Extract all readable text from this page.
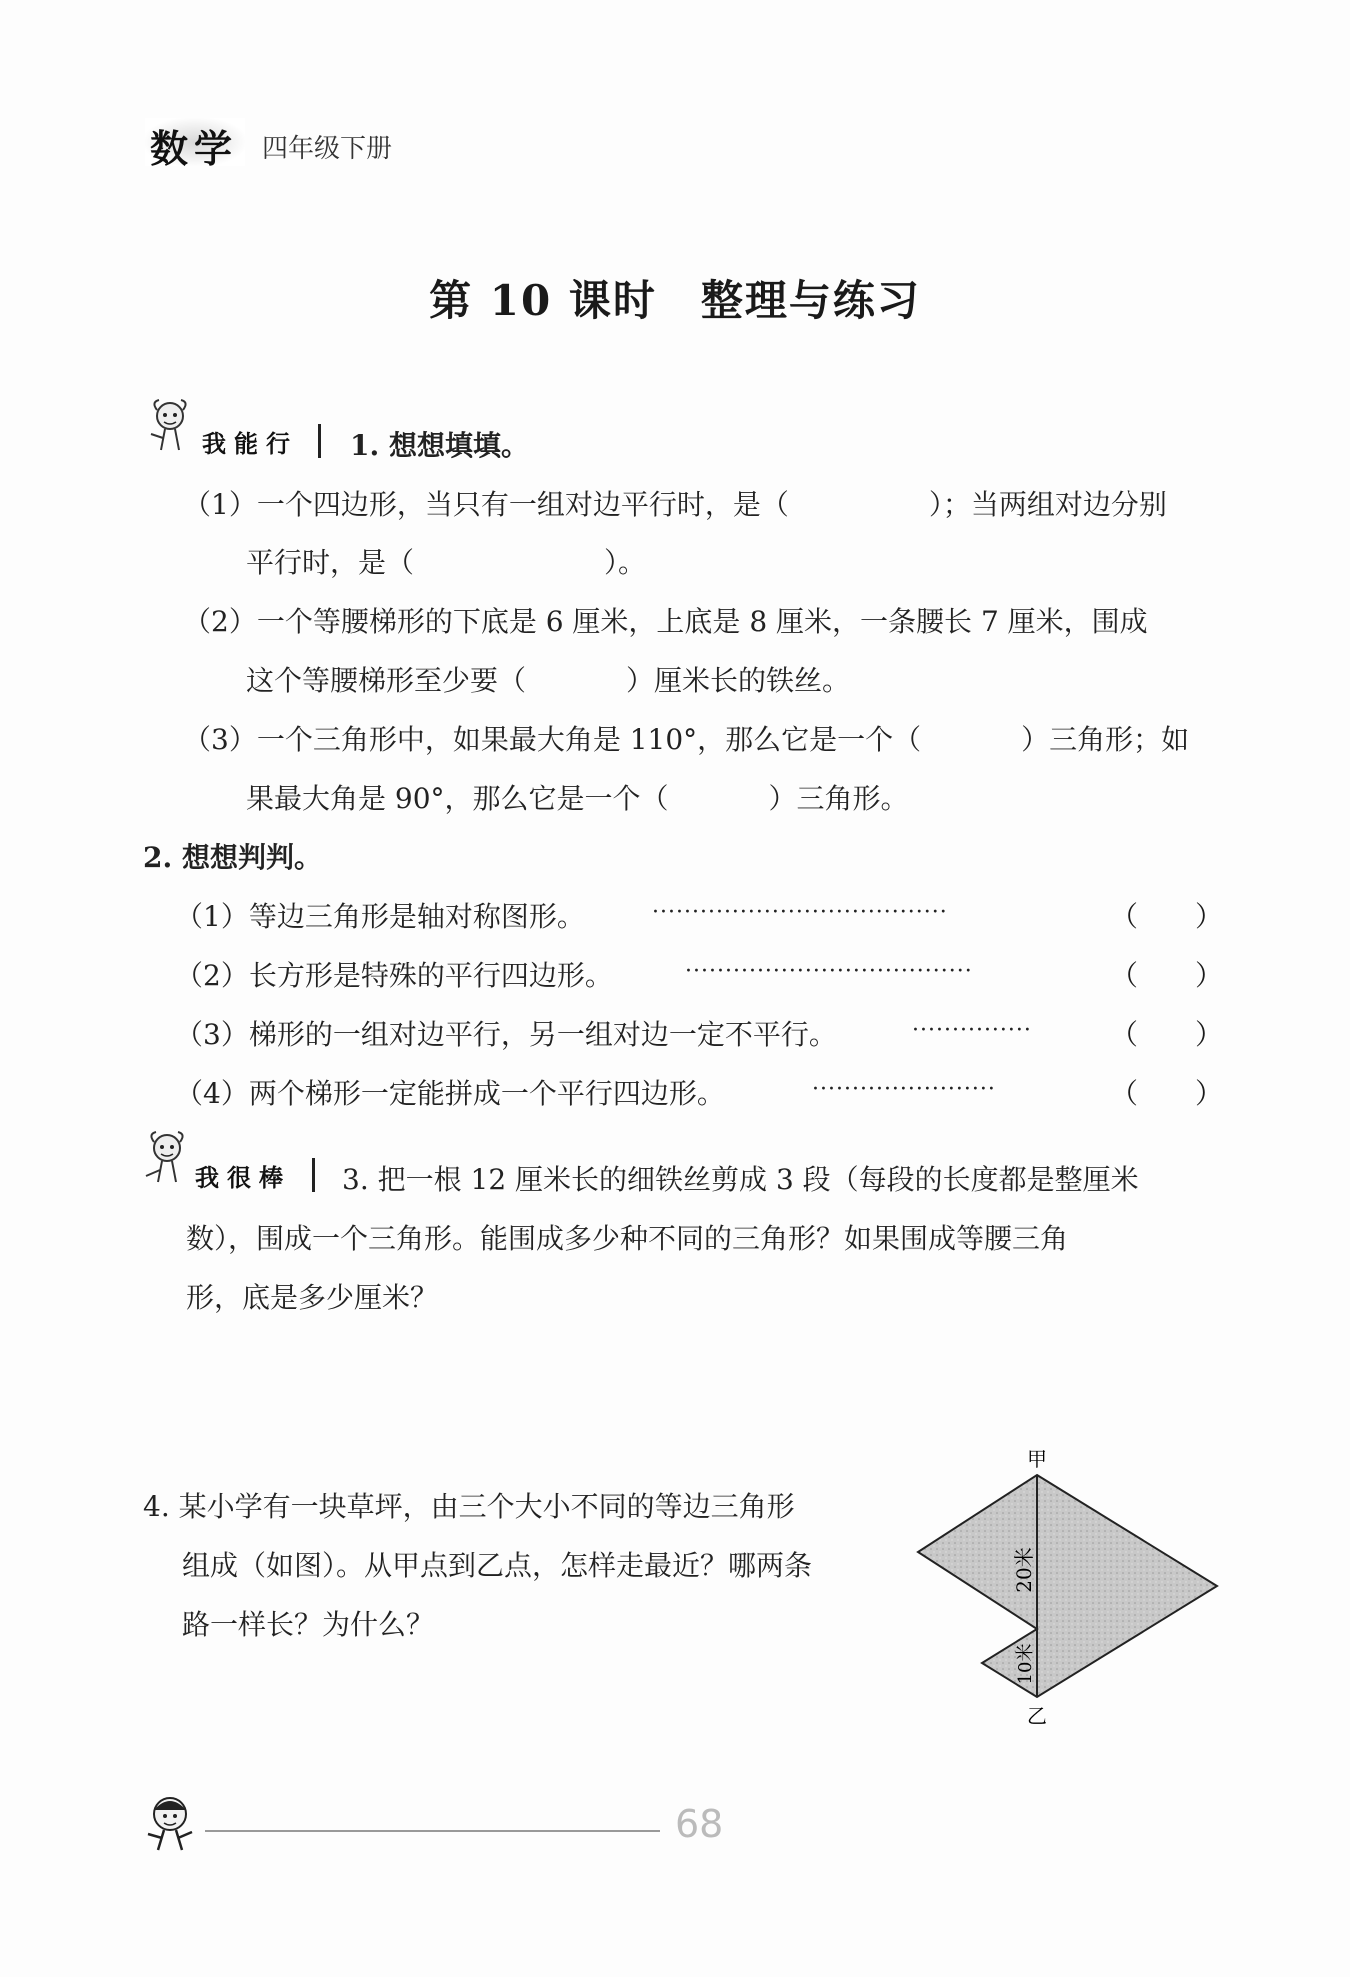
数学 四年级下册
第 10 课时　整理与练习
我能行 1. 想想填填。
（1）一个四边形，当只有一组对边平行时，是（	）；当两组对边分别
平行时，是（	）。
（2）一个等腰梯形的下底是 6 厘米，上底是 8 厘米，一条腰长 7 厘米，围成
这个等腰梯形至少要（	）厘米长的铁丝。
（3）一个三角形中，如果最大角是 110°，那么它是一个（	）三角形；如
果最大角是 90°，那么它是一个（	）三角形。
2. 想想判判。
（1）等边三角形是轴对称图形。	·····································	（ ）
（2）长方形是特殊的平行四边形。	····································	（ ）
（3）梯形的一组对边平行，另一组对边一定不平行。	···············	（ ）
（4）两个梯形一定能拼成一个平行四边形。	·······················	（ ）
我很棒 3. 把一根 12 厘米长的细铁丝剪成 3 段（每段的长度都是整厘米
数），围成一个三角形。能围成多少种不同的三角形？如果围成等腰三角
形，底是多少厘米？
4. 某小学有一块草坪，由三个大小不同的等边三角形
组成（如图）。从甲点到乙点，怎样走最近？哪两条
路一样长？为什么？
甲
乙
20米
10米
68
